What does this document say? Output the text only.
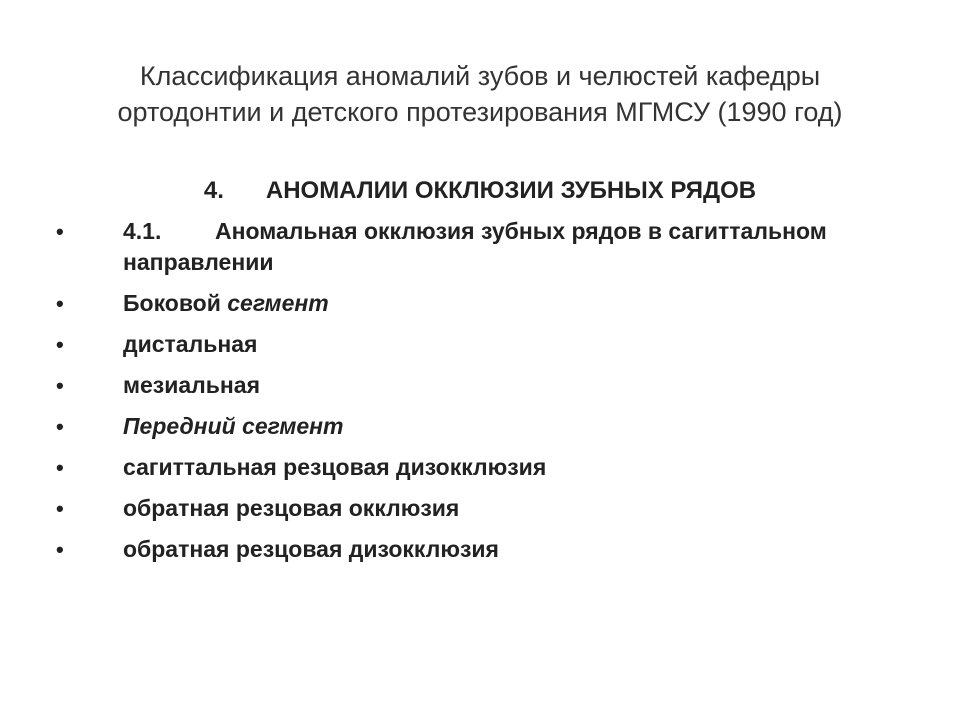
Классификация аномалий зубов и челюстей кафедры
ортодонтии и детского протезирования МГМСУ (1990 год)
4. АНОМАЛИИ ОККЛЮЗИИ ЗУБНЫХ РЯДОВ
•	4.1. Аномальная окклюзия зубных рядов в сагиттальном направлении
•	Боковой сегмент
•	дистальная
•	мезиальная
•	Передний сегмент
•	сагиттальная резцовая дизокклюзия
•	обратная резцовая окклюзия
•	обратная резцовая дизокклюзия
